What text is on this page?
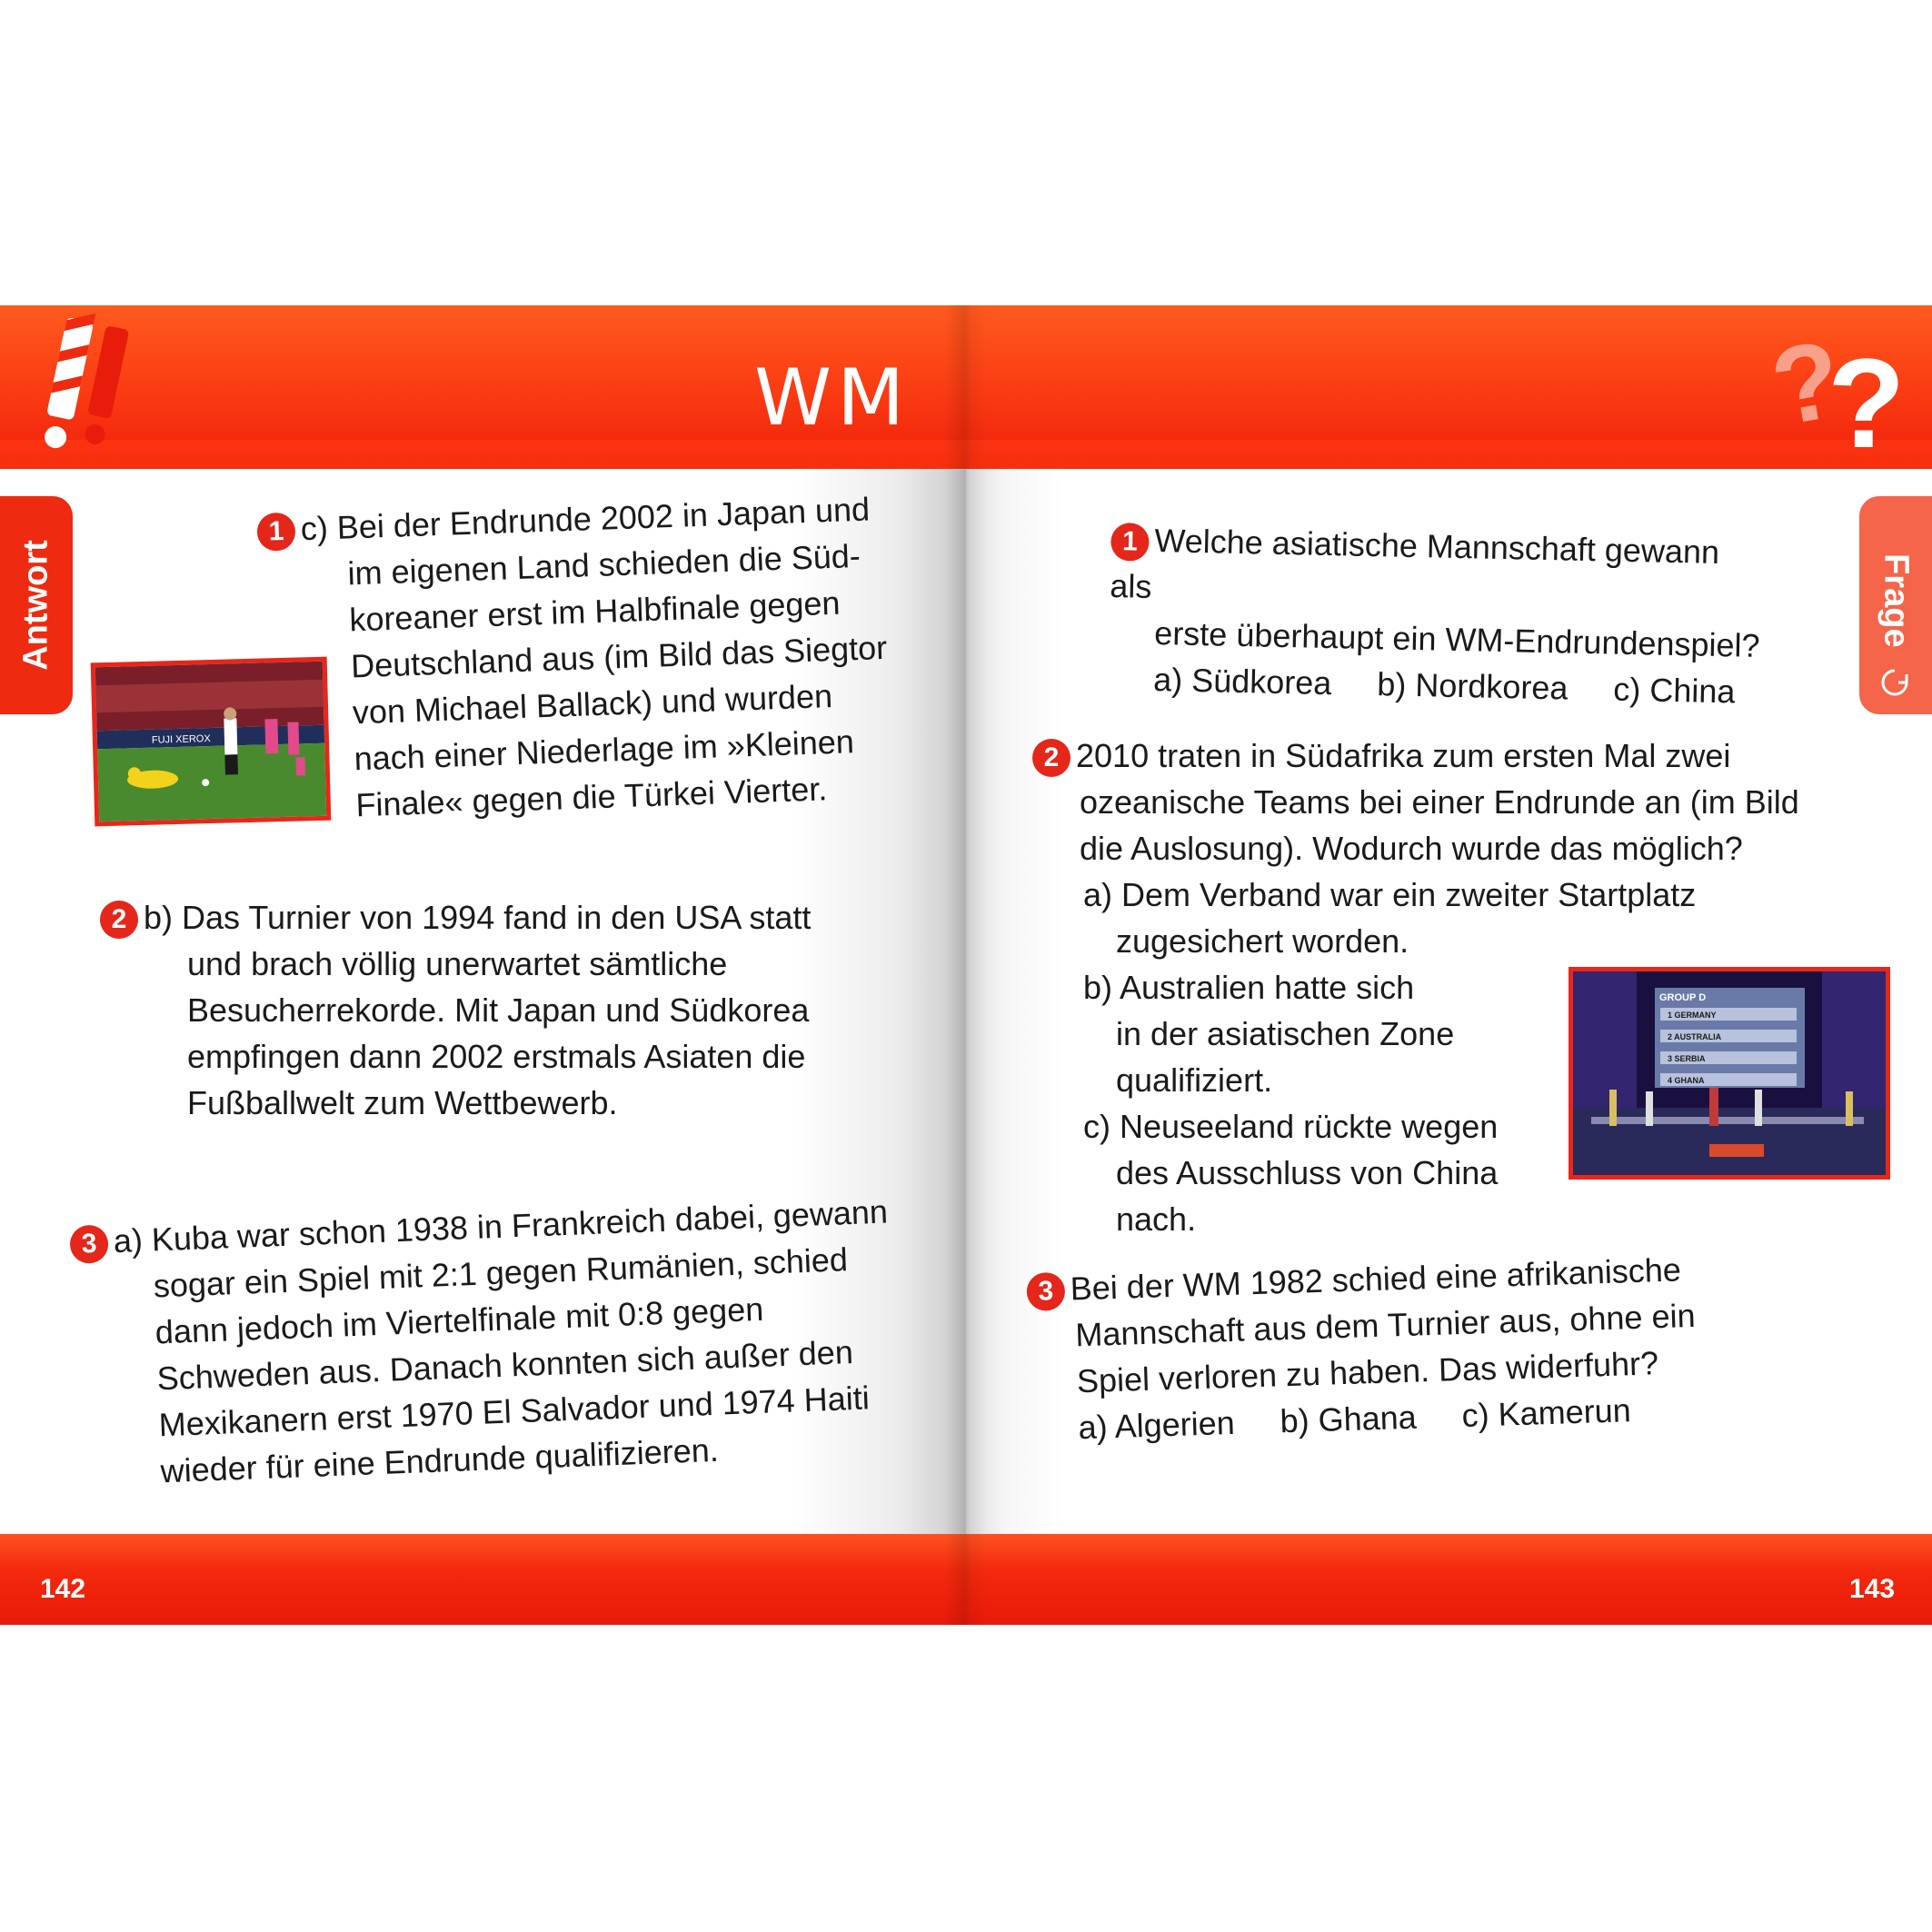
WM
Antwort
1 c) Bei der Endrunde 2002 in Japan und
im eigenen Land schieden die Süd-
koreaner erst im Halbfinale gegen
Deutschland aus (im Bild das Siegtor
von Michael Ballack) und wurden
nach einer Niederlage im »Kleinen
Finale« gegen die Türkei Vierter.
FUJI XEROX
2 b) Das Turnier von 1994 fand in den USA statt
und brach völlig unerwartet sämtliche
Besucherrekorde. Mit Japan und Südkorea
empfingen dann 2002 erstmals Asiaten die
Fußballwelt zum Wettbewerb.
3 a) Kuba war schon 1938 in Frankreich dabei, gewann
sogar ein Spiel mit 2:1 gegen Rumänien, schied
dann jedoch im Viertelfinale mit 0:8 gegen
Schweden aus. Danach konnten sich außer den
Mexikanern erst 1970 El Salvador und 1974 Haiti
wieder für eine Endrunde qualifizieren.
142
?
?
Frage
1 Welche asiatische Mannschaft gewann als
erste überhaupt ein WM-Endrundenspiel?
a) Südkorea b) Nordkorea c) China
2 2010 traten in Südafrika zum ersten Mal zwei
ozeanische Teams bei einer Endrunde an (im Bild
die Auslosung). Wodurch wurde das möglich?
a) Dem Verband war ein zweiter Startplatz
zugesichert worden.
b) Australien hatte sich
in der asiatischen Zone
qualifiziert.
c) Neuseeland rückte wegen
des Ausschluss von China
nach.
GROUP D
1 GERMANY
2 AUSTRALIA
3 SERBIA
4 GHANA
3 Bei der WM 1982 schied eine afrikanische
Mannschaft aus dem Turnier aus, ohne ein
Spiel verloren zu haben. Das widerfuhr?
a) Algerien b) Ghana c) Kamerun
143
